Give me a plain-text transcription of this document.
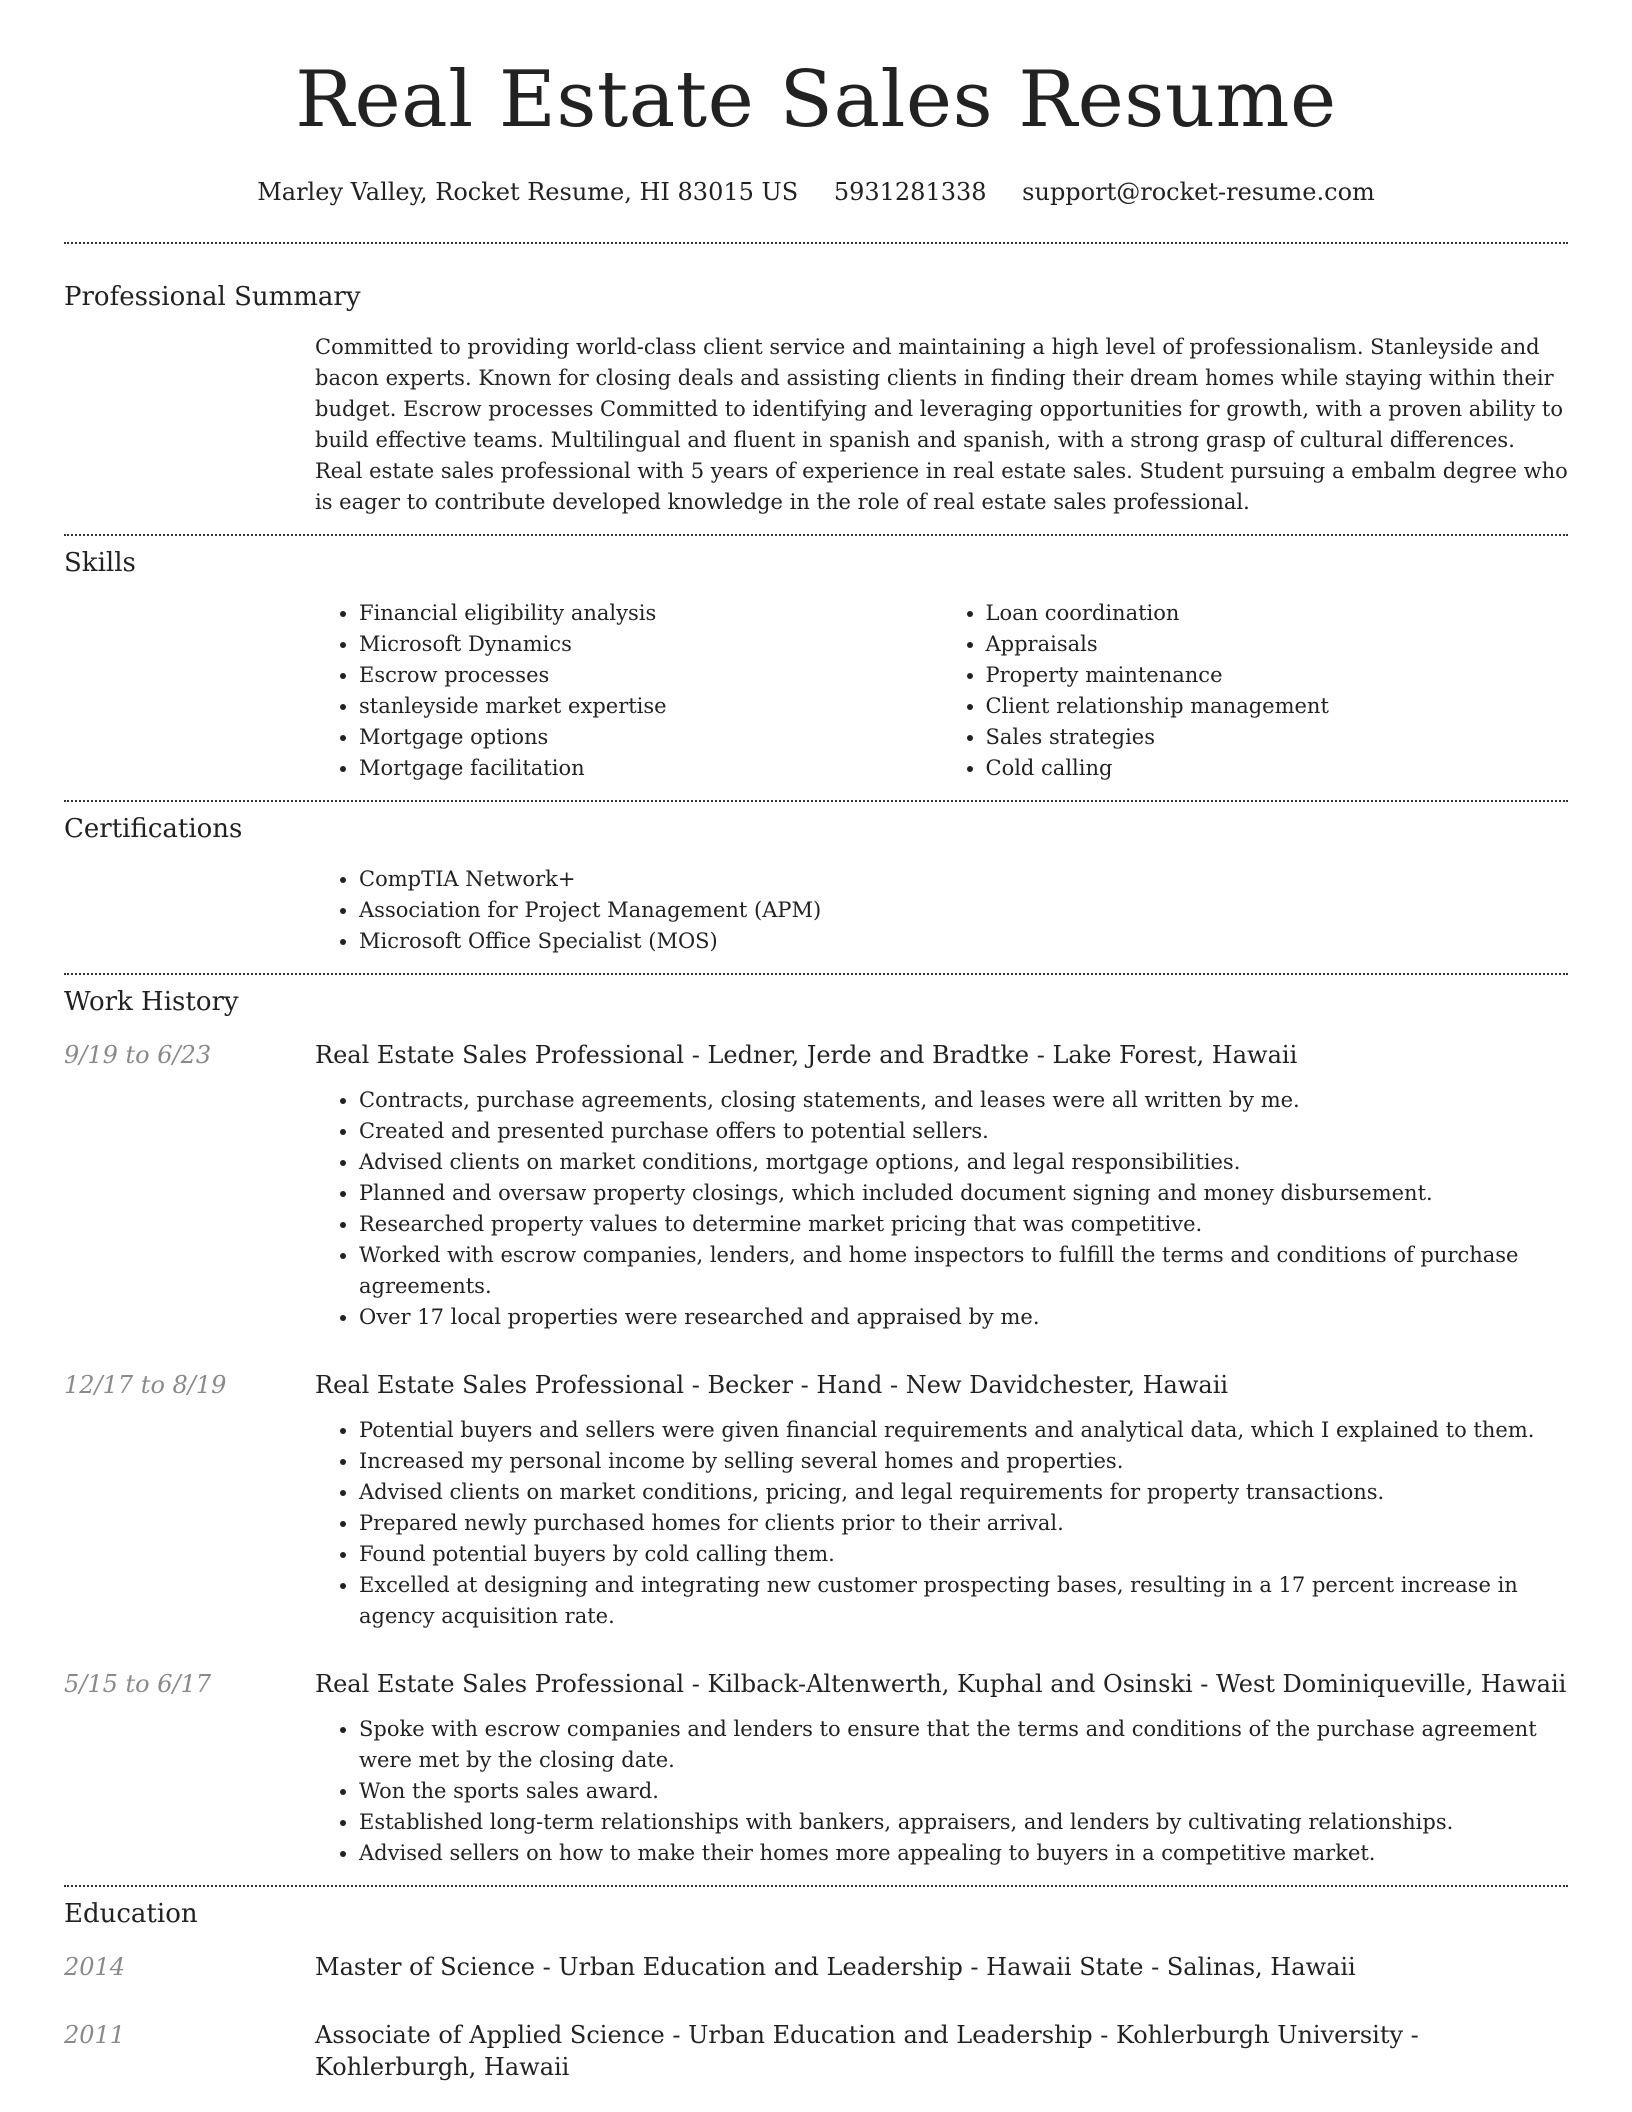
Real Estate Sales Resume
Marley Valley, Rocket Resume, HI 83015 US 5931281338 support@rocket-resume.com
Professional Summary

Committed to providing world-class client service and maintaining a high level of professionalism. Stanleyside and bacon experts. Known for closing deals and assisting clients in finding their dream homes while staying within their budget. Escrow processes Committed to identifying and leveraging opportunities for growth, with a proven ability to build effective teams. Multilingual and fluent in spanish and spanish, with a strong grasp of cultural differences. Real estate sales professional with 5 years of experience in real estate sales. Student pursuing a embalm degree who is eager to contribute developed knowledge in the role of real estate sales professional.

Skills
• Financial eligibility analysis
• Microsoft Dynamics
• Escrow processes
• stanleyside market expertise
• Mortgage options
• Mortgage facilitation
• Loan coordination
• Appraisals
• Property maintenance
• Client relationship management
• Sales strategies
• Cold calling
Certifications
• CompTIA Network+
• Association for Project Management (APM)
• Microsoft Office Specialist (MOS)
Work History
9/19 to 6/23	Real Estate Sales Professional - Ledner, Jerde and Bradtke - Lake Forest, Hawaii
• Contracts, purchase agreements, closing statements, and leases were all written by me.
• Created and presented purchase offers to potential sellers.
• Advised clients on market conditions, mortgage options, and legal responsibilities.
• Planned and oversaw property closings, which included document signing and money disbursement.
• Researched property values to determine market pricing that was competitive.
• Worked with escrow companies, lenders, and home inspectors to fulfill the terms and conditions of purchase agreements.
• Over 17 local properties were researched and appraised by me.
12/17 to 8/19	Real Estate Sales Professional - Becker - Hand - New Davidchester, Hawaii
• Potential buyers and sellers were given financial requirements and analytical data, which I explained to them.
• Increased my personal income by selling several homes and properties.
• Advised clients on market conditions, pricing, and legal requirements for property transactions.
• Prepared newly purchased homes for clients prior to their arrival.
• Found potential buyers by cold calling them.
• Excelled at designing and integrating new customer prospecting bases, resulting in a 17 percent increase in agency acquisition rate.
5/15 to 6/17	Real Estate Sales Professional - Kilback-Altenwerth, Kuphal and Osinski - West Dominiqueville, Hawaii
• Spoke with escrow companies and lenders to ensure that the terms and conditions of the purchase agreement were met by the closing date.
• Won the sports sales award.
• Established long-term relationships with bankers, appraisers, and lenders by cultivating relationships.
• Advised sellers on how to make their homes more appealing to buyers in a competitive market.
Education
2014	Master of Science - Urban Education and Leadership - Hawaii State - Salinas, Hawaii
2011	Associate of Applied Science - Urban Education and Leadership - Kohlerburgh University - Kohlerburgh, Hawaii
